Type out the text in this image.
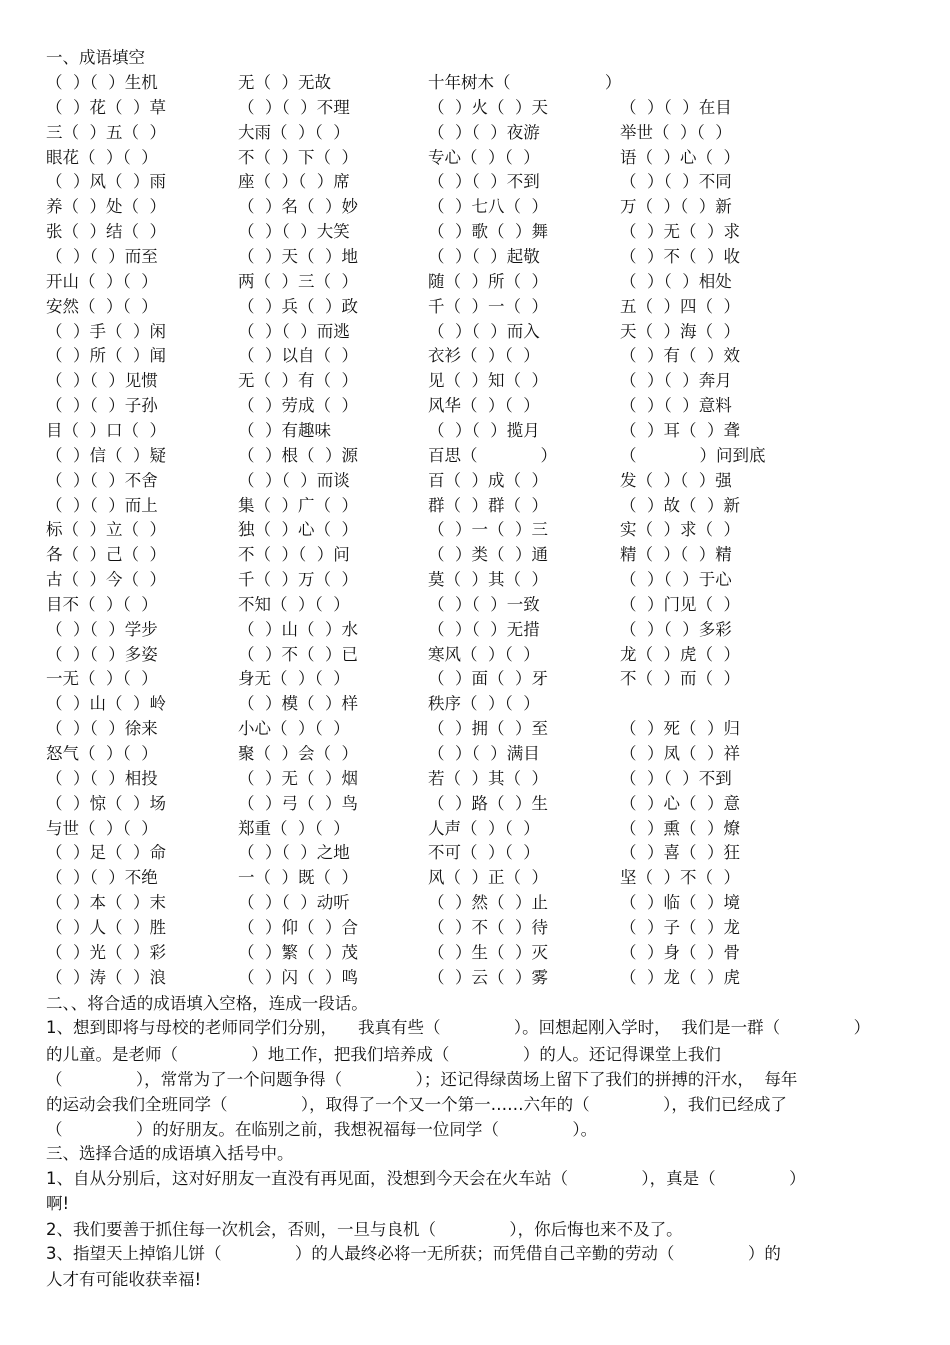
一、成语填空
（  ）（  ）生机	无（  ）无故	十年树木（                  ）
（  ）花（  ）草	（  ）（  ）不理	（  ）火（  ）天	（  ）（  ）在目
三（  ）五（  ）	大雨（  ）（  ）	（  ）（  ）夜游	举世（  ）（  ）
眼花（  ）（  ）	不（  ）下（  ）	专心（  ）（  ）	语（  ）心（  ）
（  ）风（  ）雨	座（  ）（  ）席	（  ）（  ）不到	（  ）（  ）不同
养（  ）处（  ）	（  ）名（  ）妙	（  ）七八（  ）	万（  ）（  ）新
张（  ）结（  ）	（  ）（  ）大笑	（  ）歌（  ）舞	（  ）无（  ）求
（  ）（  ）而至	（  ）天（  ）地	（  ）（  ）起敬	（  ）不（  ）收
开山（  ）（  ）	两（  ）三（  ）	随（  ）所（  ）	（  ）（  ）相处
安然（  ）（  ）	（  ）兵（  ）政	千（  ）一（  ）	五（  ）四（  ）
（  ）手（  ）闲	（  ）（  ）而逃	（  ）（  ）而入	天（  ）海（  ）
（  ）所（  ）闻	（  ）以自（  ）	衣衫（  ）（  ）	（  ）有（  ）效
（  ）（  ）见惯	无（  ）有（  ）	见（  ）知（  ）	（  ）（  ）奔月
（  ）（  ）子孙	（  ）劳成（  ）	风华（  ）（  ）	（  ）（  ）意料
目（  ）口（  ）	（  ）有趣味	（  ）（  ）揽月	（  ）耳（  ）聋
（  ）信（  ）疑	（  ）根（  ）源	百思（            ）	（            ）问到底
（  ）（  ）不舍	（  ）（  ）而谈	百（  ）成（  ）	发（  ）（  ）强
（  ）（  ）而上	集（  ）广（  ）	群（  ）群（  ）	（  ）故（  ）新
标（  ）立（  ）	独（  ）心（  ）	（  ）一（  ）三	实（  ）求（  ）
各（  ）己（  ）	不（  ）（  ）问	（  ）类（  ）通	精（  ）（  ）精
古（  ）今（  ）	千（  ）万（  ）	莫（  ）其（  ）	（  ）（  ）于心
目不（  ）（  ）	不知（  ）（  ）	（  ）（  ）一致	（  ）门见（  ）
（  ）（  ）学步	（  ）山（  ）水	（  ）（  ）无措	（  ）（  ）多彩
（  ）（  ）多姿	（  ）不（  ）已	寒风（  ）（  ）	龙（  ）虎（  ）
一无（  ）（  ）	身无（  ）（  ）	（  ）面（  ）牙	不（  ）而（  ）
（  ）山（  ）岭	（  ）模（  ）样	秩序（  ）（  ）
（  ）（  ）徐来	小心（  ）（  ）	（  ）拥（  ）至	（  ）死（  ）归
怒气（  ）（  ）	聚（  ）会（  ）	（  ）（  ）满目	（  ）凤（  ）祥
（  ）（  ）相投	（  ）无（  ）烟	若（  ）其（  ）	（  ）（  ）不到
（  ）惊（  ）场	（  ）弓（  ）鸟	（  ）路（  ）生	（  ）心（  ）意
与世（  ）（  ）	郑重（  ）（  ）	人声（  ）（  ）	（  ）熏（  ）燎
（  ）足（  ）命	（  ）（  ）之地	不可（  ）（  ）	（  ）喜（  ）狂
（  ）（  ）不绝	一（  ）既（  ）	风（  ）正（  ）	坚（  ）不（  ）
（  ）本（  ）末	（  ）（  ）动听	（  ）然（  ）止	（  ）临（  ）境
（  ）人（  ）胜	（  ）仰（  ）合	（  ）不（  ）待	（  ）子（  ）龙
（  ）光（  ）彩	（  ）繁（  ）茂	（  ）生（  ）灭	（  ）身（  ）骨
（  ）涛（  ）浪	（  ）闪（  ）鸣	（  ）云（  ）雾	（  ）龙（  ）虎
二、、将合适的成语填入空格，连成一段话。
1、想到即将与母校的老师同学们分别，    我真有些（              ）。回想起刚入学时，  我们是一群（              ）
的儿童。是老师（              ）地工作，把我们培养成（              ）的人。还记得课堂上我们
（              ），常常为了一个问题争得（              ）；还记得绿茵场上留下了我们的拼搏的汗水，  每年
的运动会我们全班同学（              ），取得了一个又一个第一……六年的（              ），我们已经成了
（              ）的好朋友。在临别之前，我想祝福每一位同学（              ）。
三、选择合适的成语填入括号中。
1、自从分别后，这对好朋友一直没有再见面，没想到今天会在火车站（              ），真是（              ）
啊!
2、我们要善于抓住每一次机会，否则，一旦与良机（              ），你后悔也来不及了。
3、指望天上掉馅儿饼（              ）的人最终必将一无所获；而凭借自己辛勤的劳动（              ）的
人才有可能收获幸福!
